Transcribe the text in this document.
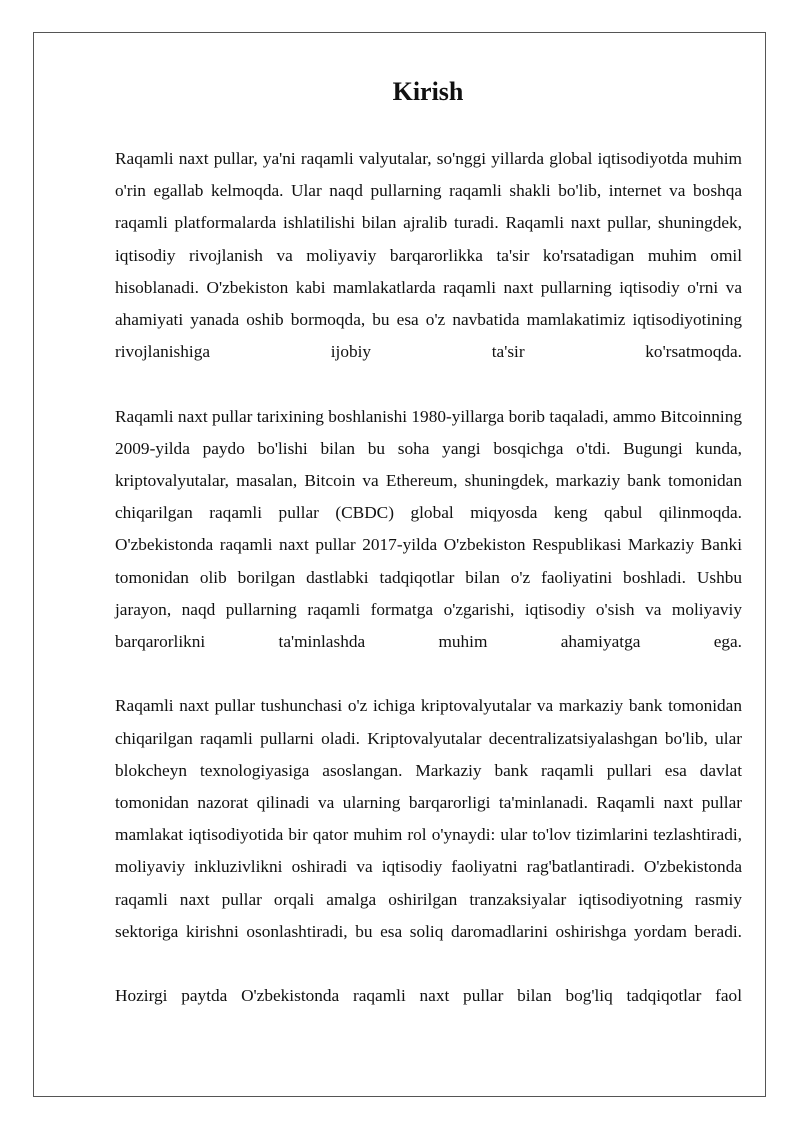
Kirish

Raqamli naxt pullar, ya'ni raqamli valyutalar, so'nggi yillarda global iqtisodiyotda muhim o'rin egallab kelmoqda. Ular naqd pullarning raqamli shakli bo'lib, internet va boshqa raqamli platformalarda ishlatilishi bilan ajralib turadi. Raqamli naxt pullar, shuningdek, iqtisodiy rivojlanish va moliyaviy barqarorlikka ta'sir ko'rsatadigan muhim omil hisoblanadi. O'zbekiston kabi mamlakatlarda raqamli naxt pullarning iqtisodiy o'rni va ahamiyati yanada oshib bormoqda, bu esa o'z navbatida mamlakatimiz iqtisodiyotining rivojlanishiga ijobiy ta'sir ko'rsatmoqda.

Raqamli naxt pullar tarixining boshlanishi 1980-yillarga borib taqaladi, ammo Bitcoinning 2009-yilda paydo bo'lishi bilan bu soha yangi bosqichga o'tdi. Bugungi kunda, kriptovalyutalar, masalan, Bitcoin va Ethereum, shuningdek, markaziy bank tomonidan chiqarilgan raqamli pullar (CBDC) global miqyosda keng qabul qilinmoqda. O'zbekistonda raqamli naxt pullar 2017-yilda O'zbekiston Respublikasi Markaziy Banki tomonidan olib borilgan dastlabki tadqiqotlar bilan o'z faoliyatini boshladi. Ushbu jarayon, naqd pullarning raqamli formatga o'zgarishi, iqtisodiy o'sish va moliyaviy barqarorlikni ta'minlashda muhim ahamiyatga ega.

Raqamli naxt pullar tushunchasi o'z ichiga kriptovalyutalar va markaziy bank tomonidan chiqarilgan raqamli pullarni oladi. Kriptovalyutalar decentralizatsiyalashgan bo'lib, ular blokcheyn texnologiyasiga asoslangan. Markaziy bank raqamli pullari esa davlat tomonidan nazorat qilinadi va ularning barqarorligi ta'minlanadi. Raqamli naxt pullar mamlakat iqtisodiyotida bir qator muhim rol o'ynaydi: ular to'lov tizimlarini tezlashtiradi, moliyaviy inkluzivlikni oshiradi va iqtisodiy faoliyatni rag'batlantiradi. O'zbekistonda raqamli naxt pullar orqali amalga oshirilgan tranzaksiyalar iqtisodiyotning rasmiy sektoriga kirishni osonlashtiradi, bu esa soliq daromadlarini oshirishga yordam beradi.

Hozirgi paytda O'zbekistonda raqamli naxt pullar bilan bog'liq tadqiqotlar faol
